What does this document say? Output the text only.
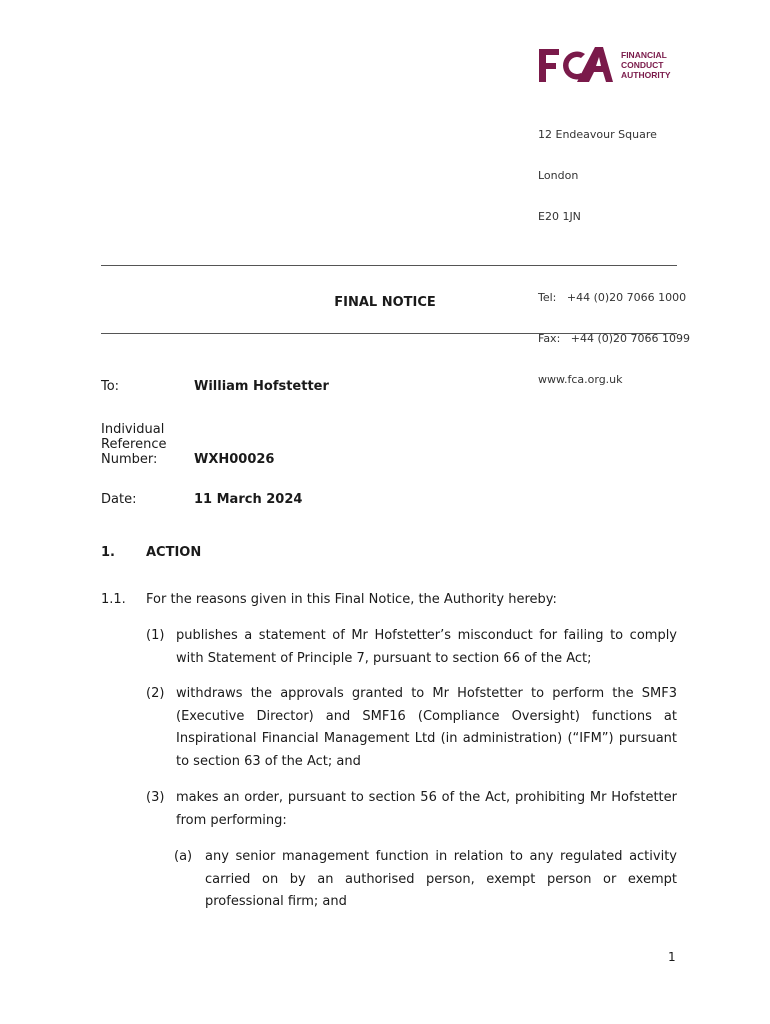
FINANCIAL
CONDUCT
AUTHORITY

12 Endeavour Square

London

E20 1JN

Tel:   +44 (0)20 7066 1000

Fax:   +44 (0)20 7066 1099

www.fca.org.uk

FINAL NOTICE
To:	William Hofstetter
Individual
Reference
Number:	WXH00026
Date:	11 March 2024
1. ACTION
1.1. For the reasons given in this Final Notice, the Authority hereby:
(1) publishes a statement of Mr Hofstetter’s misconduct for failing to comply with Statement of Principle 7, pursuant to section 66 of the Act;
(2) withdraws the approvals granted to Mr Hofstetter to perform the SMF3 (Executive Director) and SMF16 (Compliance Oversight) functions at Inspirational Financial Management Ltd (in administration) (“IFM”) pursuant to section 63 of the Act; and
(3) makes an order, pursuant to section 56 of the Act, prohibiting Mr Hofstetter from performing:
(a) any senior management function in relation to any regulated activity carried on by an authorised person, exempt person or exempt professional firm; and
1
